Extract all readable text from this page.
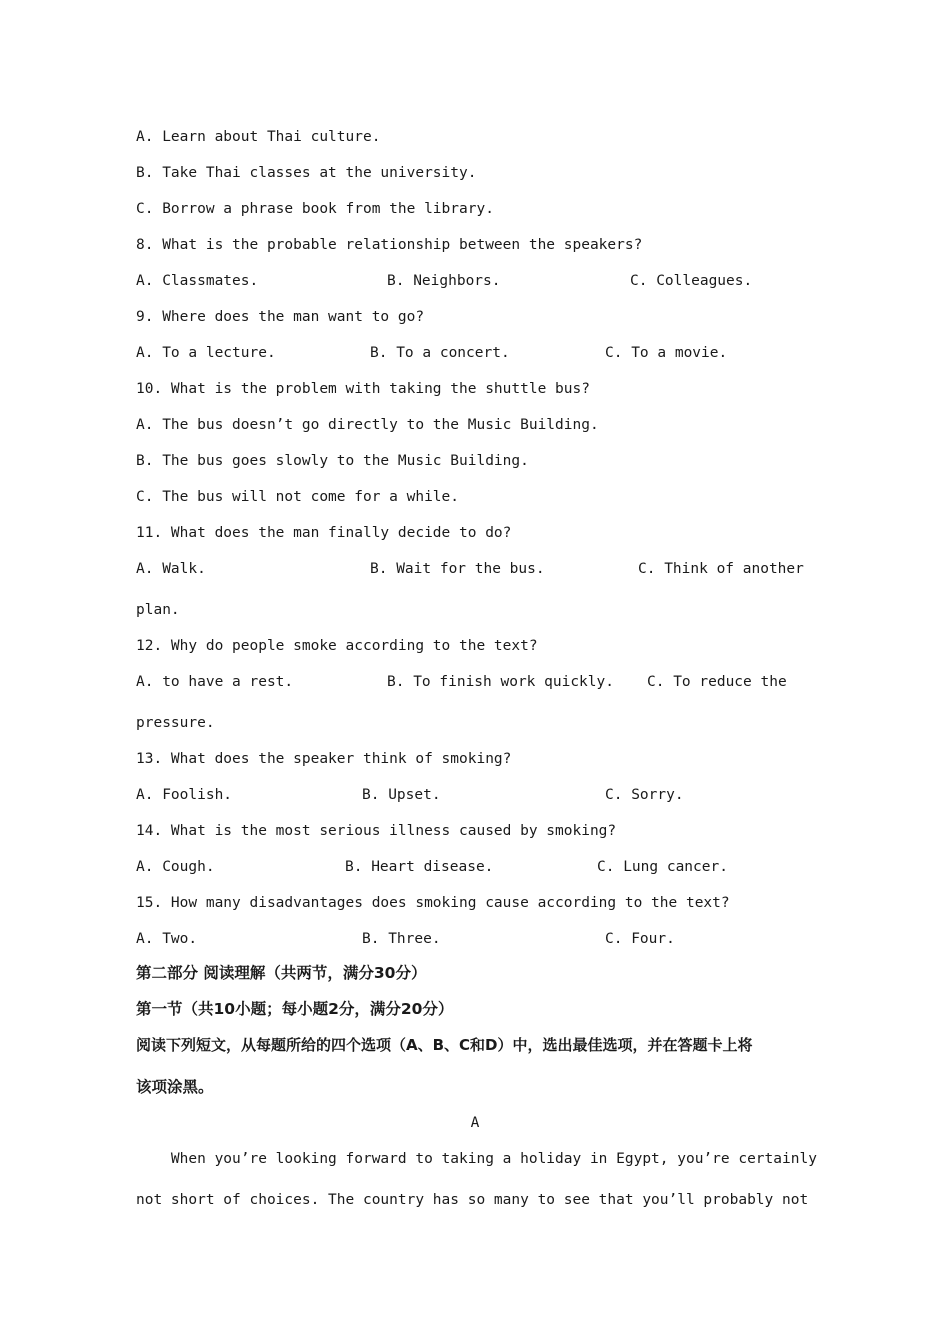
A. Learn about Thai culture.
B. Take Thai classes at the university.
C. Borrow a phrase book from the library.
8. What is the probable relationship between the speakers?
A. Classmates.	B. Neighbors.	C. Colleagues.
9. Where does the man want to go?
A. To a lecture.	B. To a concert.	C. To a movie.
10. What is the problem with taking the shuttle bus?
A. The bus doesn’t go directly to the Music Building.
B. The bus goes slowly to the Music Building.
C. The bus will not come for a while.
11. What does the man finally decide to do?
A. Walk.	B. Wait for the bus.	C. Think of another
plan.
12. Why do people smoke according to the text?
A. to have a rest.	B. To finish work quickly. C. To reduce the
pressure.
13. What does the speaker think of smoking?
A. Foolish.	B. Upset.	C. Sorry.
14. What is the most serious illness caused by smoking?
A. Cough.	B. Heart disease.	C. Lung cancer.
15. How many disadvantages does smoking cause according to the text?
A. Two.	B. Three.	C. Four.
第二部分 阅读理解（共两节，满分30分）
第一节（共10小题；每小题2分，满分20分）
阅读下列短文，从每题所给的四个选项（A、B、C和D）中，选出最佳选项，并在答题卡上将
该项涂黑。
A
When you’re looking forward to taking a holiday in Egypt, you’re certainly
not short of choices. The country has so many to see that you’ll probably not
